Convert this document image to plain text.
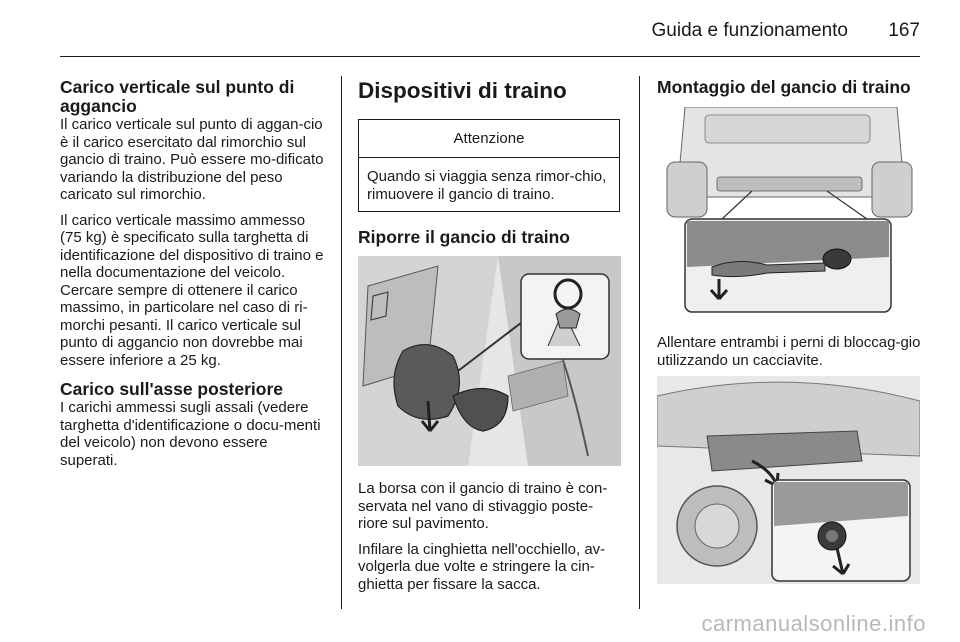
Guida e funzionamento	167
Carico verticale sul punto di aggancio

Il carico verticale sul punto di aggan-cio è il carico esercitato dal rimorchio sul gancio di traino. Può essere mo-dificato variando la distribuzione del peso caricato sul rimorchio.

Il carico verticale massimo ammesso (75 kg) è specificato sulla targhetta di identificazione del dispositivo di traino e nella documentazione del veicolo. Cercare sempre di ottenere il carico massimo, in particolare nel caso di ri-morchi pesanti. Il carico verticale sul punto di aggancio non dovrebbe mai essere inferiore a 25 kg.

Carico sull'asse posteriore

I carichi ammessi sugli assali (vedere targhetta d'identificazione o docu-menti del veicolo) non devono essere superati.

Dispositivi di traino
Attenzione
Quando si viaggia senza rimor-chio, rimuovere il gancio di traino.
Riporre il gancio di traino

La borsa con il gancio di traino è con-servata nel vano di stivaggio poste-riore sul pavimento.

Infilare la cinghietta nell'occhiello, av-volgerla due volte e stringere la cin-ghietta per fissare la sacca.

Montaggio del gancio di traino

Allentare entrambi i perni di bloccag-gio utilizzando un cacciavite.

carmanualsonline.info
